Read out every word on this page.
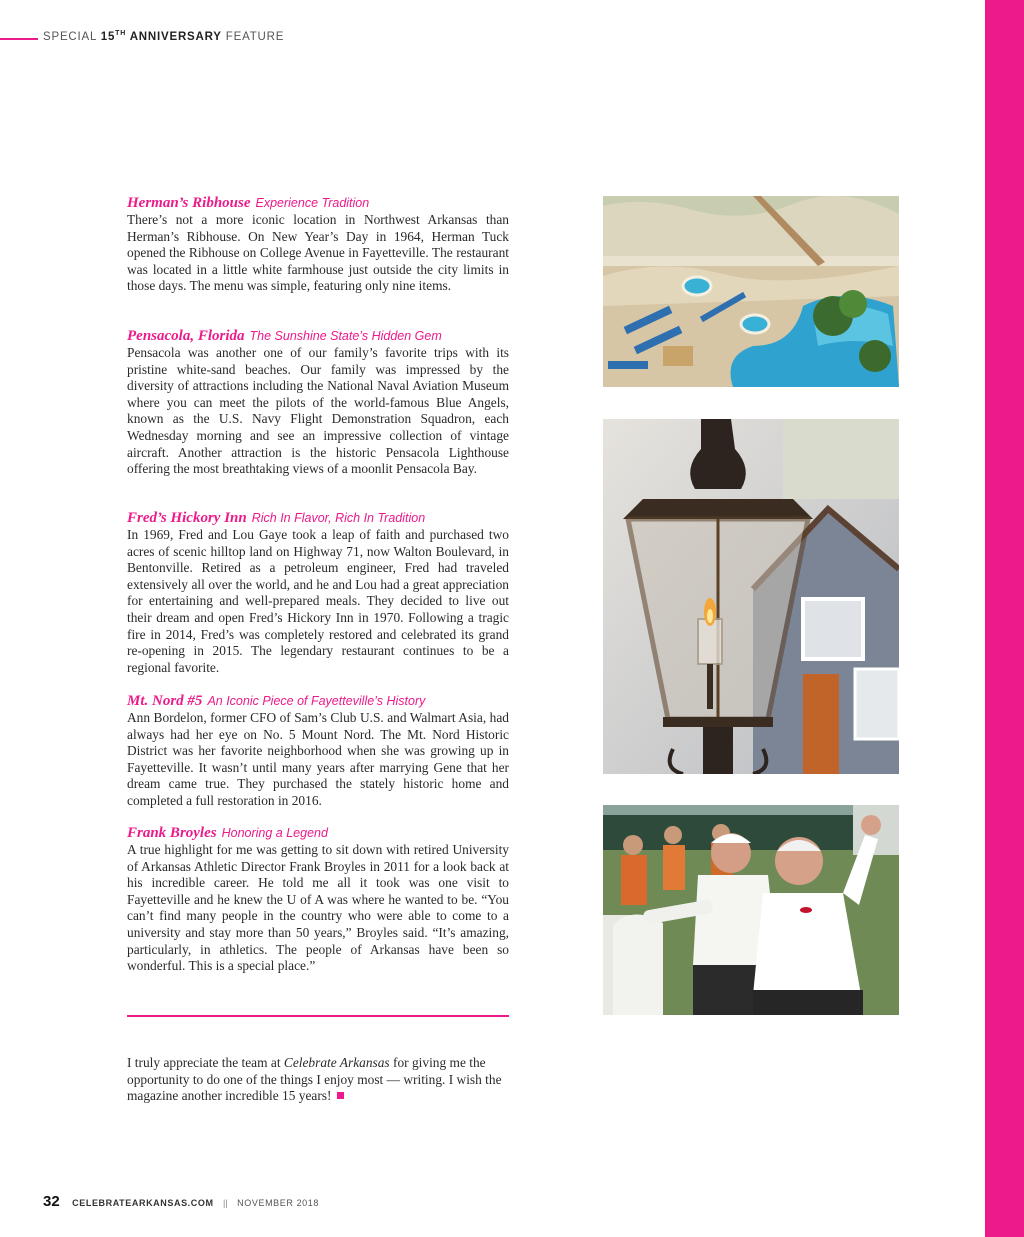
SPECIAL 15TH ANNIVERSARY FEATURE

Herman’s Ribhouse Experience Tradition

There’s not a more iconic location in Northwest Arkansas than Herman’s Ribhouse. On New Year’s Day in 1964, Herman Tuck opened the Ribhouse on College Avenue in Fayetteville. The restaurant was located in a little white farmhouse just outside the city limits in those days. The menu was simple, featuring only nine items.

Pensacola, Florida The Sunshine State’s Hidden Gem

Pensacola was another one of our family’s favorite trips with its pristine white-sand beaches. Our family was impressed by the diversity of attractions including the National Naval Aviation Museum where you can meet the pilots of the world-famous Blue Angels, known as the U.S. Navy Flight Demonstration Squadron, each Wednesday morning and see an impressive collection of vintage aircraft. Another attraction is the historic Pensacola Lighthouse offering the most breathtaking views of a moonlit Pensacola Bay.

Fred’s Hickory Inn Rich In Flavor, Rich In Tradition

In 1969, Fred and Lou Gaye took a leap of faith and purchased two acres of scenic hilltop land on Highway 71, now Walton Boulevard, in Bentonville. Retired as a petroleum engineer, Fred had traveled extensively all over the world, and he and Lou had a great appreciation for entertaining and well-prepared meals. They decided to live out their dream and open Fred’s Hickory Inn in 1970. Following a tragic fire in 2014, Fred’s was completely restored and celebrated its grand re-opening in 2015. The legendary restaurant continues to be a regional favorite.

Mt. Nord #5 An Iconic Piece of Fayetteville’s History

Ann Bordelon, former CFO of Sam’s Club U.S. and Walmart Asia, had always had her eye on No. 5 Mount Nord. The Mt. Nord Historic District was her favorite neighborhood when she was growing up in Fayetteville. It wasn’t until many years after marrying Gene that her dream came true. They purchased the stately historic home and completed a full restoration in 2016.

Frank Broyles Honoring a Legend

A true highlight for me was getting to sit down with retired University of Arkansas Athletic Director Frank Broyles in 2011 for a look back at his incredible career. He told me all it took was one visit to Fayetteville and he knew the U of A was where he wanted to be. “You can’t find many people in the country who were able to come to a university and stay more than 50 years,” Broyles said. “It’s amazing, particularly, in athletics. The people of Arkansas have been so wonderful. This is a special place.”

I truly appreciate the team at Celebrate Arkansas for giving me the opportunity to do one of the things I enjoy most — writing. I wish the magazine another incredible 15 years!

32 CELEBRATEARKANSAS.COM || NOVEMBER 2018
